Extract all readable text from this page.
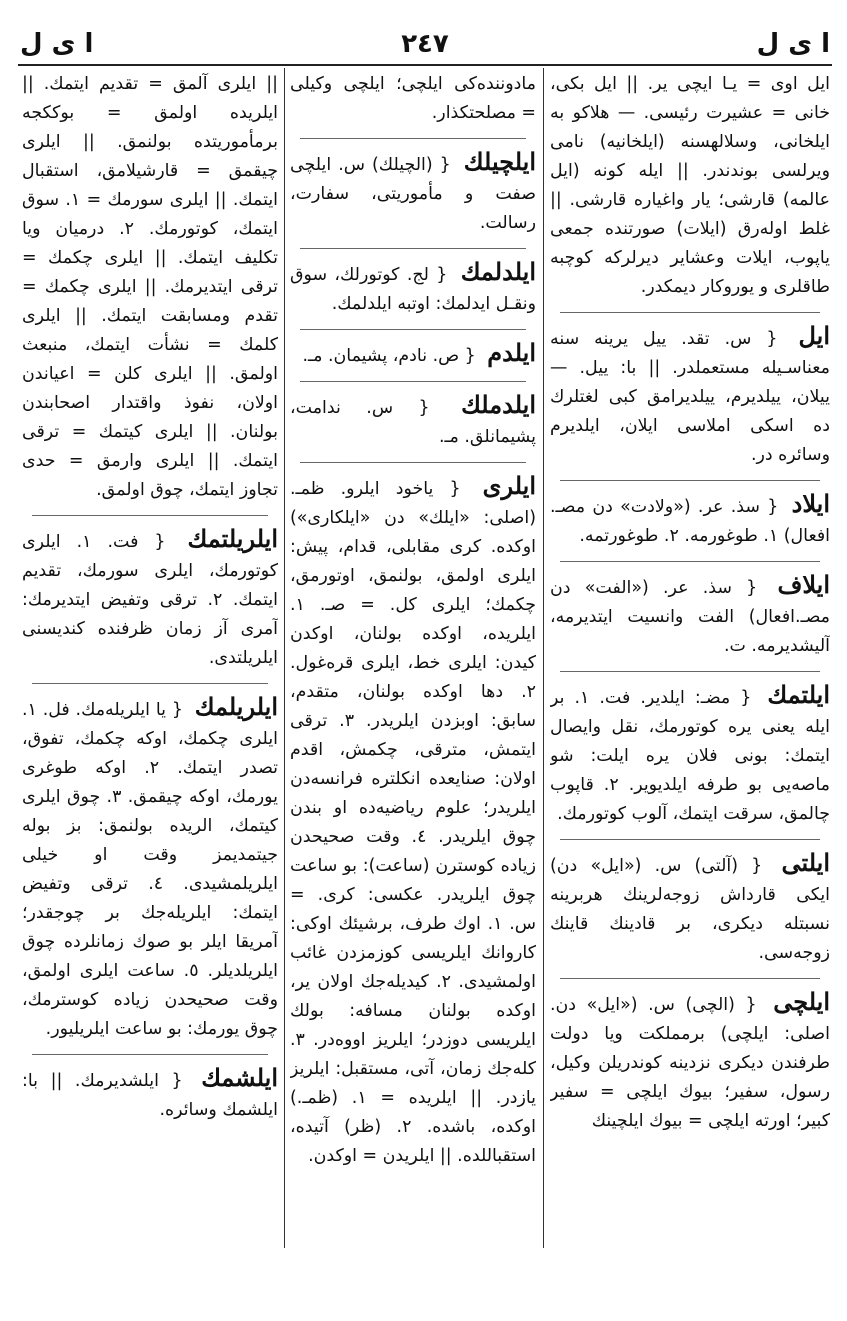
ا ى ل	٢٤٧	ا ى ل

ايل اوى = يـا ايچى ير. || ايل بكى، خانى = عشيرت رئيسى. — هلاكو به ايلخانى، وسلالهسنه (ايلخانيه) نامى ويرلسى بوندندر. || ايله كونه (ايل عالمه) قارشى؛ يار واغياره قارشى. || غلط اوله‌رق (ايلات) صورتنده جمعى ياپوب، ايلات وعشاير ديرلركه كوچبه طاقلرى و يوروكار ديمكدر.

ايل { س. تقد. ييل يرينه سنه معناسـيله مستعملدر. || با: ييل. — ييلان، ييلديرم، ييلديرامق كبى لغتلرك ده اسكى املاسى ايلان، ايلديرم وسائره در.

ايلاد { سذ. عر. («ولادت» دن مصـ. افعال) ١. طوغورمه. ٢. طوغورتمه.

ايلاف { سذ. عر. («الفت» دن مصـ.افعال) الفت وانسيت ايتديرمه، آليشديرمه. ت.

ايلتمك { مضـ: ايلدير. فت. ١. بر ايله يعنى يره كوتورمك، نقل وايصال ايتمك: بونى فلان يره ايلت: شو ماصه‌يى بو طرفه ايلديوير. ٢. قاپوب چالمق، سرقت ايتمك، آلوب كوتورمك.

ايلتى { (آلتى) س. («ايل» دن) ايكى قارداش زوجه‌لرينك هربرينه نسبتله ديكرى، بر قادينك قاينك زوجه‌سى.

ايلچى { (الچى) س. («ايل» دن. اصلى: ايلچى) برمملكت ويا دولت طرفندن ديكرى نزدينه كوندريلن وكيل، رسول، سفير؛ بيوك ايلچى = سفير كبير؛ اورته ايلچى = بيوك ايلچينك

مادوننده‌كى ايلچى؛ ايلچى وكيلى = مصلحتكذار.

ايلچيلك { (الچيلك) س. ايلچى صفت و مأموريتى، سفارت، رسالت.

ايلدلمك { لج. كوتورلك، سوق ونقـل ايدلمك: اوتبه ايلدلمك.

ايلدم { ص. نادم، پشيمان. مـ.

ايلدملك { س. ندامت، پشيمانلق. مـ.

ايلرى { ياخود ايلرو. ظمـ. (اصلى: «ايلك» دن «ايلكارى») اوكده. كرى مقابلى، قدام، پيش: ايلرى اولمق، بولنمق، اوتورمق، چكمك؛ ايلرى كل. = صـ. ١. ايلريده، اوكده بولنان، اوكدن كيدن: ايلرى خط، ايلرى قره‌غول. ٢. دها اوكده بولنان، متقدم، سابق: اوبزدن ايلريدر. ٣. ترقى ايتمش، مترقى، چكمش، اقدم اولان: صنايعده انكلتره فرانسه‌دن ايلريدر؛ علوم رياضيه‌ده او بندن چوق ايلريدر. ٤. وقت صحيحدن زياده كوسترن (ساعت): بو ساعت چوق ايلريدر. عكسى: كرى. = س. ١. اوك طرف، برشيئك اوكى: كاروانك ايلريسى كوزمزدن غائب اولمشيدى. ٢. كيديله‌جك اولان ير، اوكده بولنان مسافه: بولك ايلريسى دوزدر؛ ايلريز اووه‌در. ٣. كله‌جك زمان، آتى، مستقبل: ايلريز ياز‌در. || ايلريده = ١. (ظمـ.) اوكده، باشده. ٢. (ظر) آتيده، استقباللده. || ايلريدن = اوكدن.

|| ايلرى آلمق = تقديم ايتمك. || ايلريده اولمق = بوككجه برمأموريتده بولنمق. || ايلرى چيقمق = قارشيلامق، استقبال ايتمك. || ايلرى سورمك = ١. سوق ايتمك، كوتورمك. ٢. درميان ويا تكليف ايتمك. || ايلرى چكمك = ترقى ايتديرمك. || ايلرى چكمك = تقدم ومسابقت ايتمك. || ايلرى كلمك = نشأت ايتمك، منبعث اولمق. || ايلرى كلن = اعياندن اولان، نفوذ واقتدار اصحابندن بولنان. || ايلرى كيتمك = ترقى ايتمك. || ايلرى وارمق = حدى تجاوز ايتمك، چوق اولمق.

ايلريلتمك { فت. ١. ايلرى كوتورمك، ايلرى سورمك، تقديم ايتمك. ٢. ترقى وتفيض ايتديرمك: آمرى آز زمان ظرفنده كنديسنى ايلريلتدى.

ايلريلمك { يا ايلريله‌مك. فل. ١. ايلرى چكمك، اوكه چكمك، تفوق، تصدر ايتمك. ٢. اوكه طوغرى يورمك، اوكه چيقمق. ٣. چوق ايلرى كيتمك، الريده بولنمق: بز بوله جيتمديمز وقت او خيلى ايلريلمشيدى. ٤. ترقى وتفيض ايتمك: ايلريله‌جك بر چوجقدر؛ آمريقا ايلر بو صوك زمانلرده چوق ايلريلديلر. ٥. ساعت ايلرى اولمق، وقت صحيحدن زياده كوسترمك، چوق يورمك: بو ساعت ايلريليور.

ايلشمك { ايلشديرمك. || با: ايلشمك وسائره.
